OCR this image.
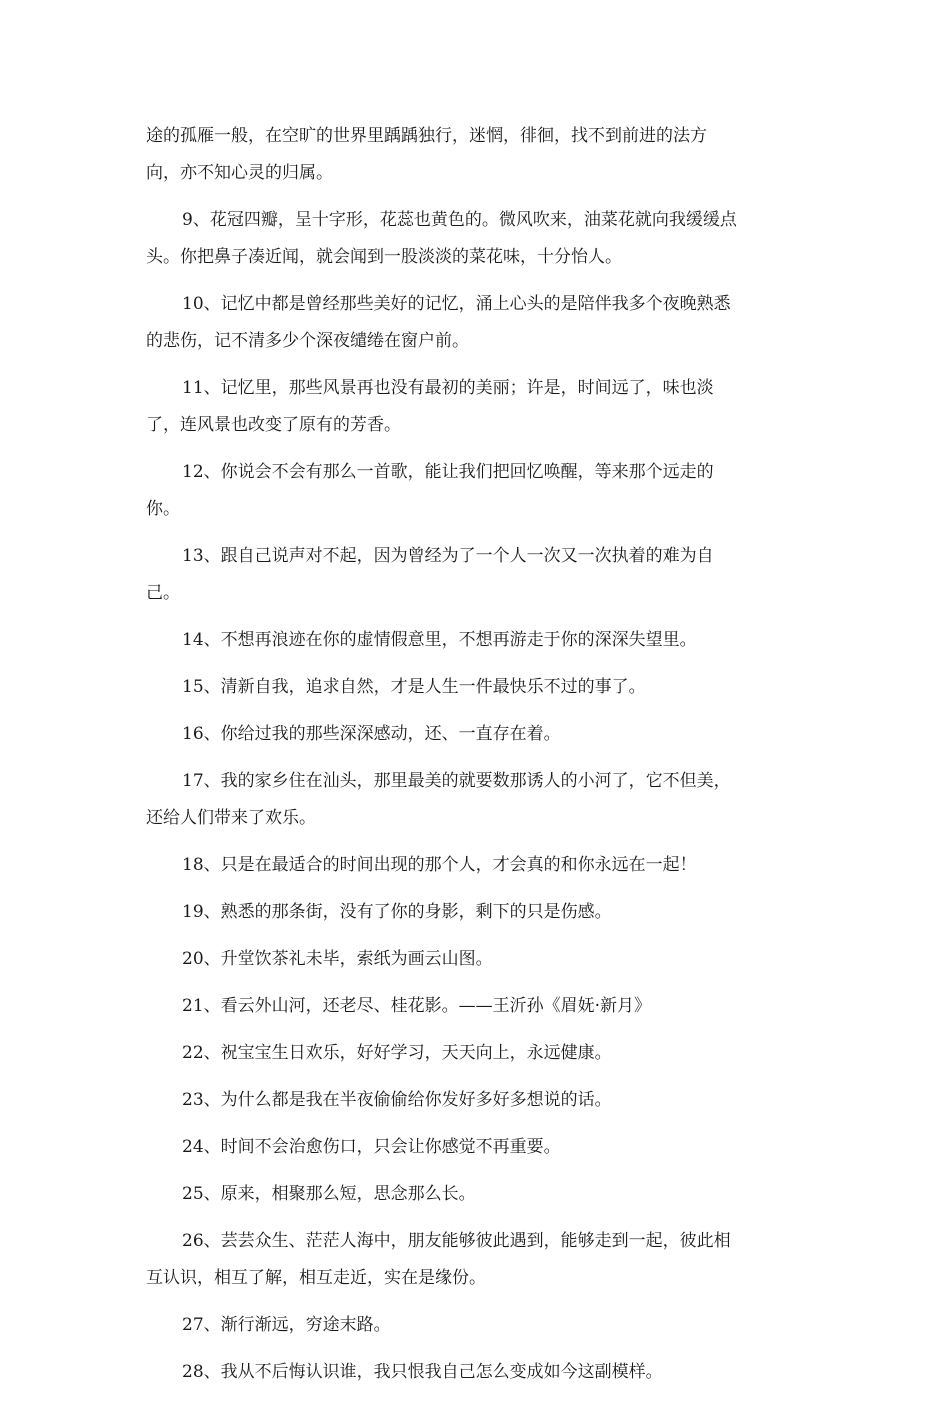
途的孤雁一般，在空旷的世界里踽踽独行，迷惘，徘徊，找不到前进的法方
向，亦不知心灵的归属。
9、花冠四瓣，呈十字形，花蕊也黄色的。微风吹来，油菜花就向我缓缓点
头。你把鼻子凑近闻，就会闻到一股淡淡的菜花味，十分怡人。
10、记忆中都是曾经那些美好的记忆，涌上心头的是陪伴我多个夜晚熟悉
的悲伤，记不清多少个深夜缱绻在窗户前。
11、记忆里，那些风景再也没有最初的美丽；许是，时间远了，味也淡
了，连风景也改变了原有的芳香。
12、你说会不会有那么一首歌，能让我们把回忆唤醒，等来那个远走的
你。
13、跟自己说声对不起，因为曾经为了一个人一次又一次执着的难为自
己。
14、不想再浪迹在你的虚情假意里，不想再游走于你的深深失望里。
15、清新自我，追求自然，才是人生一件最快乐不过的事了。
16、你给过我的那些深深感动，还、一直存在着。
17、我的家乡住在汕头，那里最美的就要数那诱人的小河了，它不但美，
还给人们带来了欢乐。
18、只是在最适合的时间出现的那个人，才会真的和你永远在一起！
19、熟悉的那条街，没有了你的身影，剩下的只是伤感。
20、升堂饮茶礼未毕，索纸为画云山图。
21、看云外山河，还老尽、桂花影。——王沂孙《眉妩·新月》
22、祝宝宝生日欢乐，好好学习，天天向上，永远健康。
23、为什么都是我在半夜偷偷给你发好多好多想说的话。
24、时间不会治愈伤口，只会让你感觉不再重要。
25、原来，相聚那么短，思念那么长。
26、芸芸众生、茫茫人海中，朋友能够彼此遇到，能够走到一起，彼此相
互认识，相互了解，相互走近，实在是缘份。
27、渐行渐远，穷途末路。
28、我从不后悔认识谁，我只恨我自己怎么变成如今这副模样。
